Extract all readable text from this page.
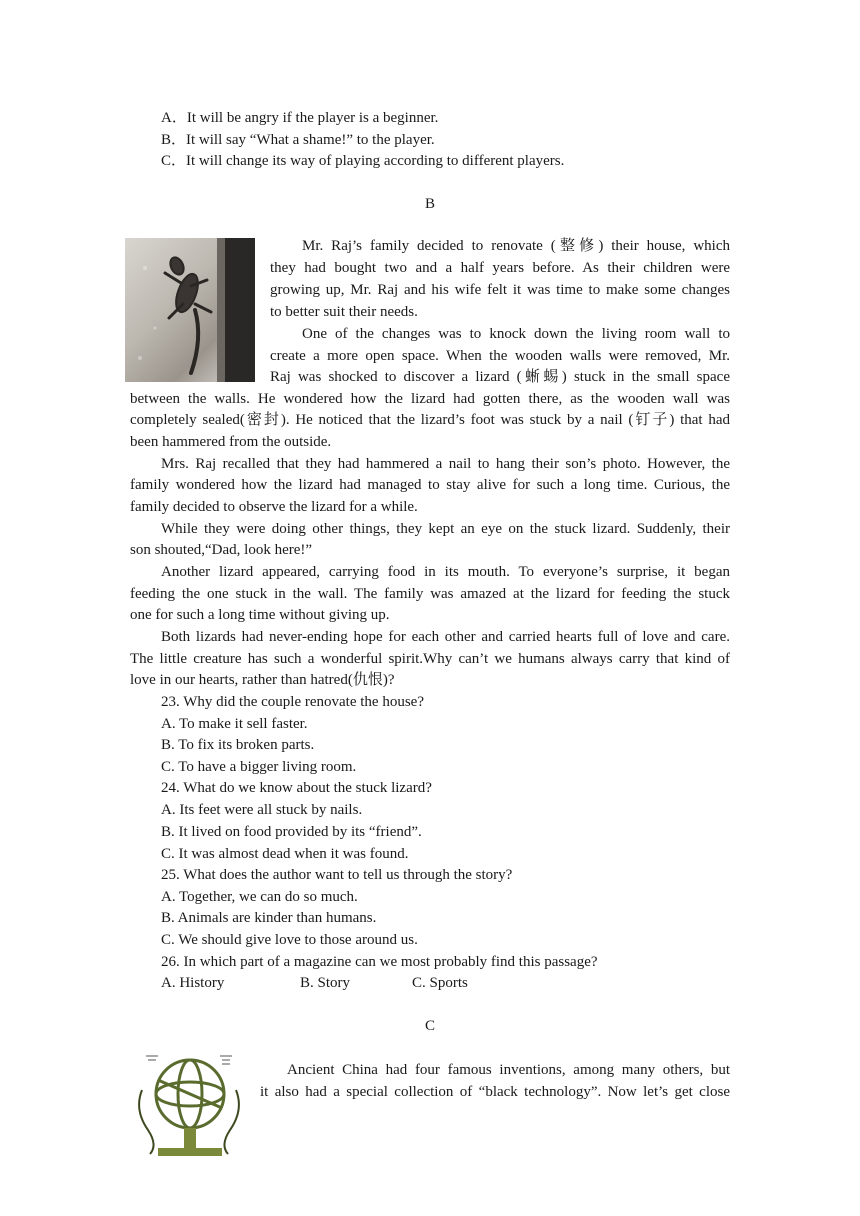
A．It will be angry if the player is a beginner.
B．It will say “What a shame!” to the player.
C．It will change its way of playing according to different players.
B
Mr. Raj’s family decided to renovate (整修) their house, which
they had bought two and a half years before. As their children were
growing up, Mr. Raj and his wife felt it was time to make some changes
to better suit their needs.
One of the changes was to knock down the living room wall to
create a more open space. When the wooden walls were removed, Mr.
Raj was shocked to discover a lizard (蜥蜴) stuck in the small space
between the walls. He wondered how the lizard had gotten there, as the wooden wall was
completely sealed(密封). He noticed that the lizard’s foot was stuck by a nail (钉子) that had
been hammered from the outside.
Mrs. Raj recalled that they had hammered a nail to hang their son’s photo. However, the
family wondered how the lizard had managed to stay alive for such a long time. Curious, the
family decided to observe the lizard for a while.
While they were doing other things, they kept an eye on the stuck lizard. Suddenly, their
son shouted,“Dad, look here!”
Another lizard appeared, carrying food in its mouth. To everyone’s surprise, it began
feeding the one stuck in the wall. The family was amazed at the lizard for feeding the stuck
one for such a long time without giving up.
Both lizards had never-ending hope for each other and carried hearts full of love and care.
The little creature has such a wonderful spirit.Why can’t we humans always carry that kind of
love in our hearts, rather than hatred(仇恨)?
23. Why did the couple renovate the house?
A. To make it sell faster.
B. To fix its broken parts.
C. To have a bigger living room.
24. What do we know about the stuck lizard?
A. Its feet were all stuck by nails.
B. It lived on food provided by its “friend”.
C. It was almost dead when it was found.
25. What does the author want to tell us through the story?
A. Together, we can do so much.
B. Animals are kinder than humans.
C. We should give love to those around us.
26. In which part of a magazine can we most probably find this passage?
A. History	B. Story	C. Sports
C
Ancient China had four famous inventions, among many others, but
it also had a special collection of “black technology”. Now let’s get close
